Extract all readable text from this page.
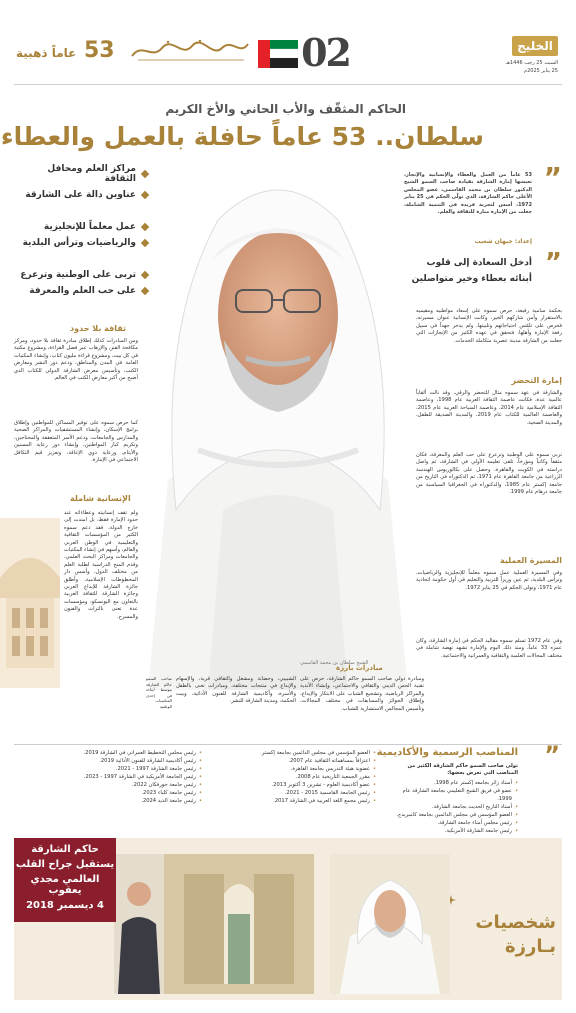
الخليج
السبت 25 رجب 1446هـ
25 يناير 2025م
02
53
عاماً ذهبية
الحاكم المثقّف والأب الحاني والأخ الكريم
سلطان.. 53 عاماً حافلة بالعمل والعطاء
”
53 عاماً من العمل والعطاء والإنسانية والإنجاز، تعيشها إمارة الشارقة بقيادة صاحب السمو الشيخ الدكتور سلطان بن محمد القاسمي، عضو المجلس الأعلى حاكم الشارقة، الذي تولّى الحكم في 25 يناير 1972، أسس لتجربة فريدة في التنمية الشاملة، جعلت من الإمارة منارة للثقافة والعلم.
إعداد: جيهان شعيب
”
أدخل السعادة إلى قلوب
أبنائه بعطاء وخير متواصلين
مراكز العلم ومحافل الثقافة
عناوين دالة على الشارقة
عمل معلماً للإنجليزية
والرياضيات وترأس البلدية
تربى على الوطنية وترعرع
على حب العلم والمعرفة
الشيخ سلطان بن محمد القاسمي
بحكمة سامية رفيعة، حرص سموه على إسعاد مواطنيه ومقيميه بالاستقرار وأمن شاركهم الخير، وكانت الإنسانية عنوان مسيرته، فحرص على تلمّس احتياجاتهم وتلبيتها، ولم يدخر جهداً في سبيل رفعة الإمارة وأهلها، فتحقق في عهده الكثير من الإنجازات التي جعلت من الشارقة مدينة عصرية متكاملة الخدمات.
إمارة التحضر
والشارقة في عهد سموه مثال للتحضر والرقي، وقد نالت ألقاباً عالمية عدة، فكانت عاصمة الثقافة العربية عام 1998، وعاصمة الثقافة الإسلامية عام 2014، وعاصمة السياحة العربية عام 2015، والعاصمة العالمية للكتاب عام 2019، والمدينة الصديقة للطفل، والمدينة الصحية.
تربى سموه على الوطنية وترعرع على حب العلم والمعرفة، فكان مثقفاً وكاتباً ومؤرخاً، تلقى تعليمه الأولي في الشارقة، ثم واصل دراسته في الكويت والقاهرة، وحصل على بكالوريوس الهندسة الزراعية من جامعة القاهرة عام 1971، ثم الدكتوراه في التاريخ من جامعة إكستر عام 1985، والدكتوراه في الجغرافيا السياسية من جامعة درهام عام 1999.
المسيرة العملية
وفي المسيرة العملية عمل سموه معلماً للإنجليزية والرياضيات، وترأس البلدية، ثم عين وزيراً للتربية والتعليم في أول حكومة اتحادية عام 1971، وتولى الحكم في 25 يناير 1972.
وفي عام 1972 تسلم سموه مقاليد الحكم في إمارة الشارقة، وكان عمره 33 عاماً، ومنذ ذلك اليوم والإمارة تشهد نهضة شاملة في مختلف المجالات العلمية والثقافية والعمرانية والاجتماعية.
ثقافة بلا حدود
ومن المبادرات كذلك إطلاق مبادرة ثقافة بلا حدود، ومركز مكافحة الفتن والإرهاب عبر فصل القراءة، ومشروع مكتبة في كل بيت، ومشروع قراءة مليون كتاب، وإنشاء المكتبات العامة في المدن والمناطق، ودعم دور النشر ومعارض الكتب، وتأسيس معرض الشارقة الدولي للكتاب الذي أصبح من أكبر معارض الكتب في العالم.
كما حرص سموه على توفير المساكن للمواطنين وإطلاق برامج الإسكان، وإنشاء المستشفيات والمراكز الصحية والمدارس والجامعات، ودعم الأسر المتعففة والمحتاجين، وتكريم كبار المواطنين، وإنشاء دور رعاية المسنين والأيتام، ورعاية ذوي الإعاقة، وتعزيز قيم التكافل الاجتماعي في الإمارة.
الإنسانية شاملة
ولم تقف إنسانيته وعطاءاته عند حدود الإمارة فقط، بل امتدت إلى خارج الدولة، فقد دعم سموه الكثير من المؤسسات الثقافية والتعليمية في الوطن العربي والعالم، وأسهم في إنشاء المكتبات والجامعات ومراكز البحث العلمي، وقدم المنح الدراسية لطلبة العلم من مختلف الدول، وأسس دار المخطوطات الإسلامية، وأطلق جائزة الشارقة للإبداع العربي وجائزة الشارقة للثقافة العربية بالتعاون مع اليونسكو، ومؤسسات عدة تعنى بالتراث والفنون والمسرح.
مبادرات بارزة
ومبادرة دولي صاحب السمو حاكم الشارقة، حرص على تقنية الحس الديني والثقافي والاجتماعي، وإنشاء الأندية والمراكز الرياضية، وتشجيع الشباب على الابتكار والإبداع، وإطلاق الجوائز والمسابقات في مختلف المجالات، وتأسيس المجالس الاستشارية للشباب.
الشبيبي، وحضانة ومشغل والثقافي قرية، والإسهام والإبداع في منتجات مختلفة، ومبادرات تعنى بالطفل والأسرة، وأكاديمية الشارقة للفنون الأدائية، وبيت الحكمة، ومدينة الشارقة للنشر.
صاحب السمو حاكم الشارقة يتوسط أبناءه في إحدى المناسبات الوطنية
المناصب الرسمية والأكاديمية ”
تولى صاحب السمو حاكم الشارقة الكثير من المناصب التي نعرض بعضها:
• أستاذ زائر بجامعة إكستر عام 1998.
• عضو في فريق الشيخ التعليمي بجامعة الشارقة عام 1999.
• أستاذ التاريخ الحديث بجامعة الشارقة.
• العضو المؤسس في مجلس الدائمين بجامعة كامبريدج.
• رئيس مجلس أمناء جامعة الشارقة.
• رئيس جامعة الشارقة الأمريكية.
• العضو المؤسس في مجلس الدائمين بجامعة إكستر.
• اعترافاً بمساهماته الثقافية عام 2007.
• عضوية هيئة التدريس بجامعة القاهرة.
• مقرر الجمعية التاريخية عام 2008.
• عضو أكاديمية العلوم - تشرين 3 أكتوبر 2013.
• رئيس الجامعة القاسمية 2015 - 2021.
• رئيس مجمع اللغة العربية في الشارقة 2017.
• رئيس مجلس التخطيط العمراني في الشارقة 2019.
• رئيس أكاديمية الشارقة للفنون الأدائية 2019.
• رئيس جامعة الشارقة 1997 - 2021.
• رئيس الجامعة الأمريكية في الشارقة 1997 - 2023.
• رئيس جامعة خورفكان 2022.
• رئيس جامعة كلباء 2023.
• رئيس جامعة الذيد 2024.
شخصيات
بـارزة
حاكم الشارقة
يستقبل جراح القلب
العالمي مجدي يعقوب
4 ديسمبر 2018
